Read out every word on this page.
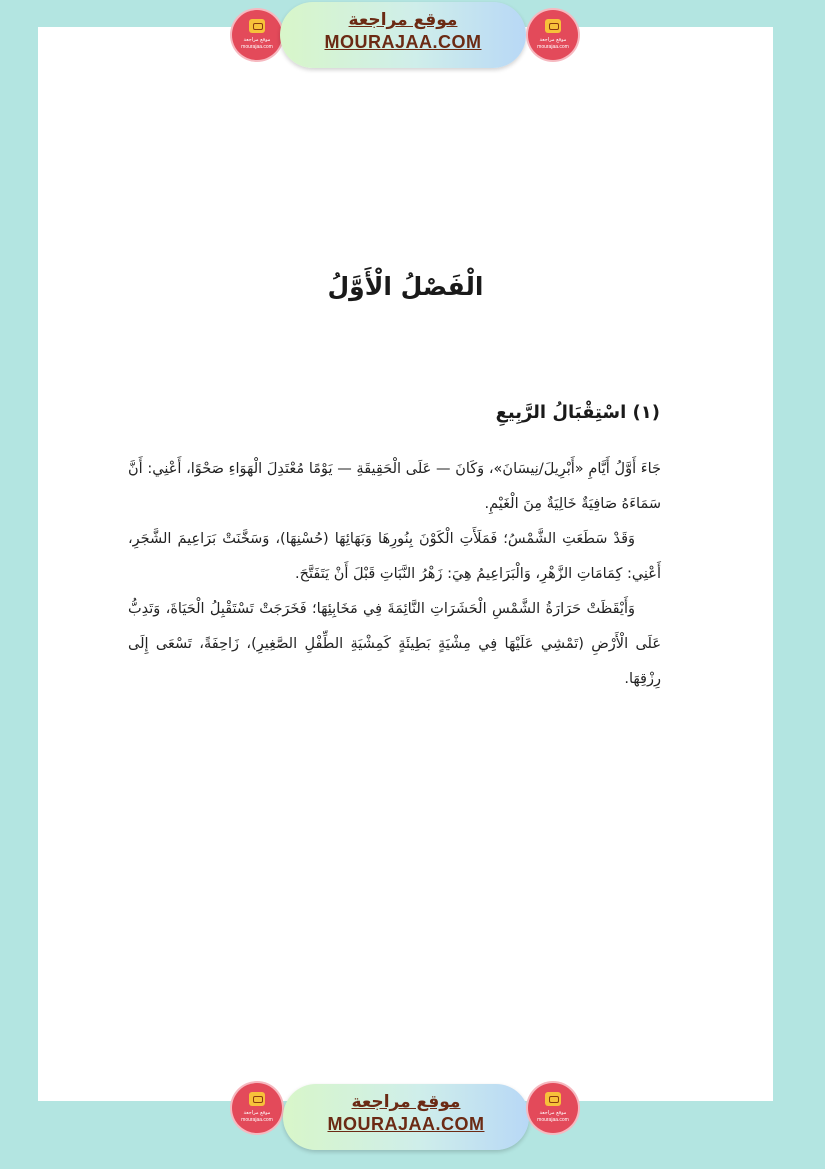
موقع مراجعة
mourajaa.com
موقع مراجعة
MOURAJAA.COM	موقع مراجعة
mourajaa.com
الْفَصْلُ الْأَوَّلُ
(١) اسْتِقْبَالُ الرَّبِيعِ

جَاءَ أَوَّلُ أَيَّامِ «أَبْرِيلَ/نِيسَانَ»، وَكَانَ — عَلَى الْحَقِيقَةِ — يَوْمًا مُعْتَدِلَ الْهَوَاءِ صَحْوًا، أَعْنِي: أَنَّ سَمَاءَهُ صَافِيَةٌ خَالِيَةٌ مِنَ الْغَيْمِ.

وَقَدْ سَطَعَتِ الشَّمْسُ؛ فَمَلَأَتِ الْكَوْنَ بِنُورِهَا وَبَهَائِهَا (حُسْنِهَا)، وَسَخَّنَتْ بَرَاعِيمَ الشَّجَرِ، أَعْنِي: كِمَامَاتِ الزَّهْرِ، وَالْبَرَاعِيمُ هِيَ: زَهْرُ النَّبَاتِ قَبْلَ أَنْ يَتَفَتَّحَ.

وَأَيْقَظَتْ حَرَارَةُ الشَّمْسِ الْحَشَرَاتِ النَّائِمَةَ فِي مَخَابِئِهَا؛ فَخَرَجَتْ تَسْتَقْبِلُ الْحَيَاةَ، وَتَدِبُّ عَلَى الْأَرْضِ (تَمْشِي عَلَيْهَا فِي مِشْيَةٍ بَطِيئَةٍ كَمِشْيَةِ الطِّفْلِ الصَّغِيرِ)، زَاحِفَةً، تَسْعَى إِلَى رِزْقِهَا.

موقع مراجعة
mourajaa.com
موقع مراجعة
MOURAJAA.COM
موقع مراجعة
mourajaa.com
